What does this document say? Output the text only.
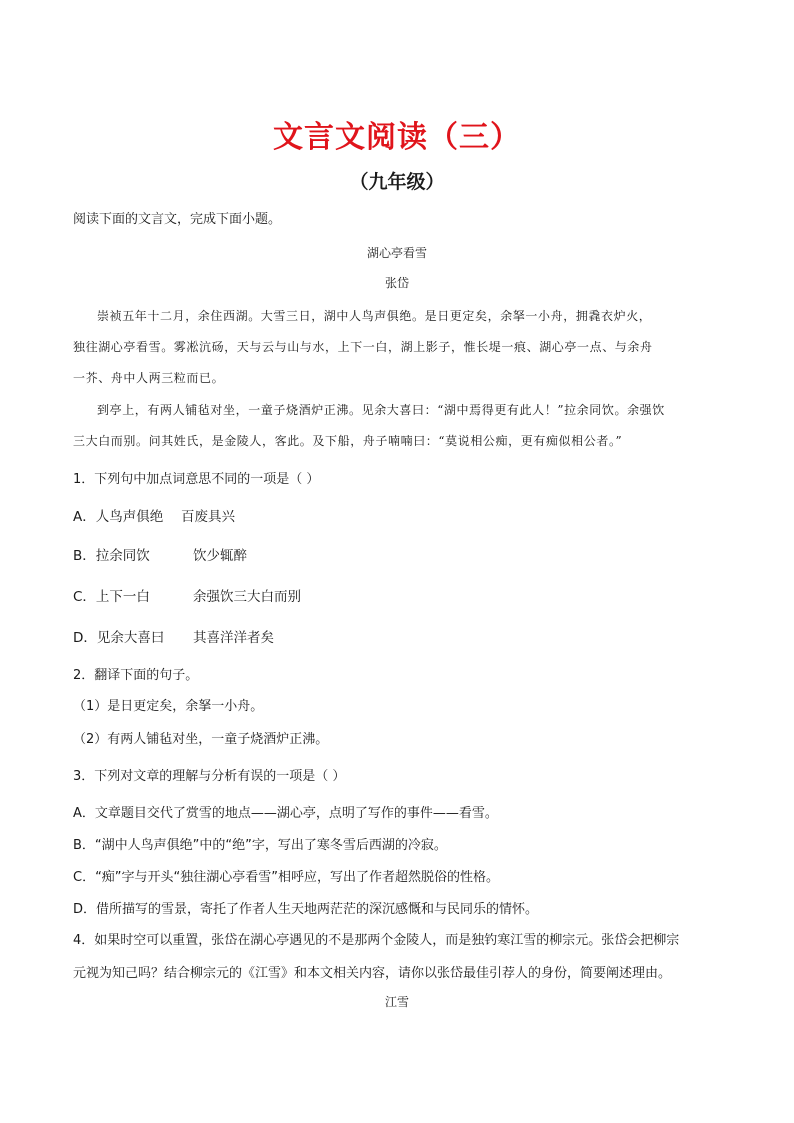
文言文阅读（三）
（九年级）
阅读下面的文言文，完成下面小题。
湖心亭看雪
张岱
崇祯五年十二月，余住西湖。大雪三日，湖中人鸟声俱绝。是日更定矣，余拏一小舟，拥毳衣炉火，
独往湖心亭看雪。雾凇沆砀，天与云与山与水，上下一白，湖上影子，惟长堤一痕、湖心亭一点、与余舟
一芥、舟中人两三粒而已。
到亭上，有两人铺毡对坐，一童子烧酒炉正沸。见余大喜曰：“湖中焉得更有此人！”拉余同饮。余强饮
三大白而别。问其姓氏，是金陵人，客此。及下船，舟子喃喃曰：“莫说相公痴，更有痴似相公者。”
1．下列句中加点词意思不同的一项是（ ）
A．人鸟声俱绝 百废具兴
B．拉余同饮	饮少辄醉
C．上下一白	余强饮三大白而别
D．见余大喜曰 其喜洋洋者矣
2．翻译下面的句子。
（1）是日更定矣，余拏一小舟。
（2）有两人铺毡对坐，一童子烧酒炉正沸。
3．下列对文章的理解与分析有误的一项是（ ）
A．文章题目交代了赏雪的地点——湖心亭，点明了写作的事件——看雪。
B．“湖中人鸟声俱绝”中的“绝”字，写出了寒冬雪后西湖的冷寂。
C．“痴”字与开头“独往湖心亭看雪”相呼应，写出了作者超然脱俗的性格。
D．借所描写的雪景，寄托了作者人生天地两茫茫的深沉感慨和与民同乐的情怀。
4．如果时空可以重置，张岱在湖心亭遇见的不是那两个金陵人，而是独钓寒江雪的柳宗元。张岱会把柳宗
元视为知己吗？结合柳宗元的《江雪》和本文相关内容，请你以张岱最佳引荐人的身份，简要阐述理由。
江雪
